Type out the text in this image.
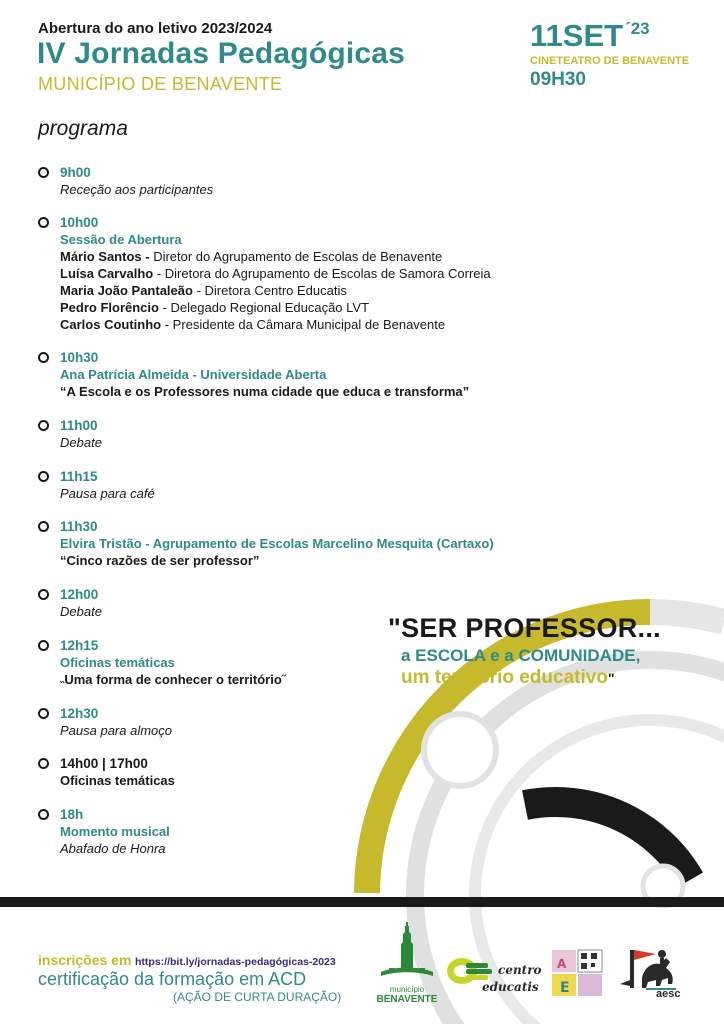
Abertura do ano letivo 2023/2024
IV Jornadas Pedagógicas
MUNICÍPIO DE BENAVENTE
11SET $^{´23}$
CINETEATRO DE BENAVENTE
09H30
programa
9h00
Receção aos participantes
10h00
Sessão de Abertura
Mário Santos - Diretor do Agrupamento de Escolas de Benavente
Luísa Carvalho - Diretora do Agrupamento de Escolas de Samora Correia
Maria João Pantaleão - Diretora Centro Educatis
Pedro Florêncio - Delegado Regional Educação LVT
Carlos Coutinho - Presidente da Câmara Municipal de Benavente
10h30
Ana Patrícia Almeida - Universidade Aberta
“A Escola e os Professores numa cidade que educa e transforma”
11h00
Debate
11h15
Pausa para café
11h30
Elvira Tristão - Agrupamento de Escolas Marcelino Mesquita (Cartaxo)
“Cinco razões de ser professor”
12h00
Debate
12h15
Oficinas temáticas
˵Uma forma de conhecer o território˝
12h30
Pausa para almoço
14h00 | 17h00
Oficinas temáticas
18h
Momento musical
Abafado de Honra
"SER PROFESSOR...
a ESCOLA e a COMUNIDADE,
um território educativo"
inscrições em https://bit.ly/jornadas-pedagógicas-2023
certificação da formação em ACD
(AÇÃO DE CURTA DURAÇÃO)
município
BENAVENTE
centro
educatis E
A
aesc
